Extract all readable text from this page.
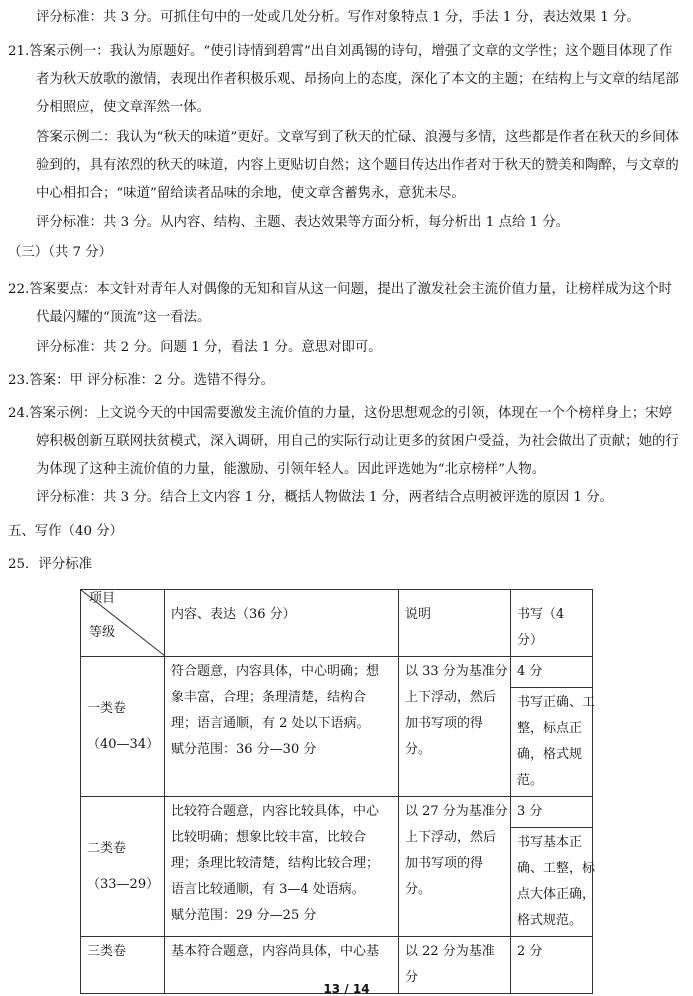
评分标准：共 3 分。可抓住句中的一处或几处分析。写作对象特点 1 分，手法 1 分，表达效果 1 分。
21.答案示例一：我认为原题好。“使引诗情到碧霄”出自刘禹锡的诗句，增强了文章的文学性；这个题目体现了作
者为秋天放歌的激情，表现出作者积极乐观、昂扬向上的态度，深化了本文的主题；在结构上与文章的结尾部
分相照应，使文章浑然一体。
答案示例二：我认为“秋天的味道”更好。文章写到了秋天的忙碌、浪漫与多情，这些都是作者在秋天的乡间体
验到的，具有浓烈的秋天的味道，内容上更贴切自然；这个题目传达出作者对于秋天的赞美和陶醉，与文章的
中心相扣合；“味道”留给读者品味的余地，使文章含蓄隽永，意犹未尽。
评分标准：共 3 分。从内容、结构、主题、表达效果等方面分析，每分析出 1 点给 1 分。
（三）（共 7 分）
22.答案要点：本文针对青年人对偶像的无知和盲从这一问题，提出了激发社会主流价值力量，让榜样成为这个时
代最闪耀的“顶流”这一看法。
评分标准：共 2 分。问题 1 分，看法 1 分。意思对即可。
23.答案：甲 评分标准：2 分。选错不得分。
24.答案示例：上文说今天的中国需要激发主流价值的力量，这份思想观念的引领，体现在一个个榜样身上；宋婷
婷积极创新互联网扶贫模式，深入调研，用自己的实际行动让更多的贫困户受益，为社会做出了贡献；她的行
为体现了这种主流价值的力量，能激励、引领年轻人。因此评选她为“北京榜样”人物。
评分标准：共 3 分。结合上文内容 1 分，概括人物做法 1 分，两者结合点明被评选的原因 1 分。
五、写作（40 分）
25．评分标准
项目
等级	内容、表达（36 分）	说明	书写（4 分）

一类卷
（40—34）	符合题意，内容具体，中心明确；想
象丰富，合理；条理清楚，结构合
理；语言通顺，有 2 处以下语病。
赋分范围：36 分—30 分	以 33 分为基准分
上下浮动，然后
加书写项的得
分。	4 分

			书写正确、工
整，标点正
确，格式规
范。

二类卷
（33—29）	比较符合题意，内容比较具体，中心
比较明确；想象比较丰富，比较合
理；条理比较清楚，结构比较合理；
语言比较通顺，有 3—4 处语病。
赋分范围：29 分—25 分	以 27 分为基准分
上下浮动，然后
加书写项的得
分。	3 分

			书写基本正
确、工整，标
点大体正确，
格式规范。

三类卷	基本符合题意，内容尚具体，中心基	以 22 分为基准分	2 分
13 / 14
